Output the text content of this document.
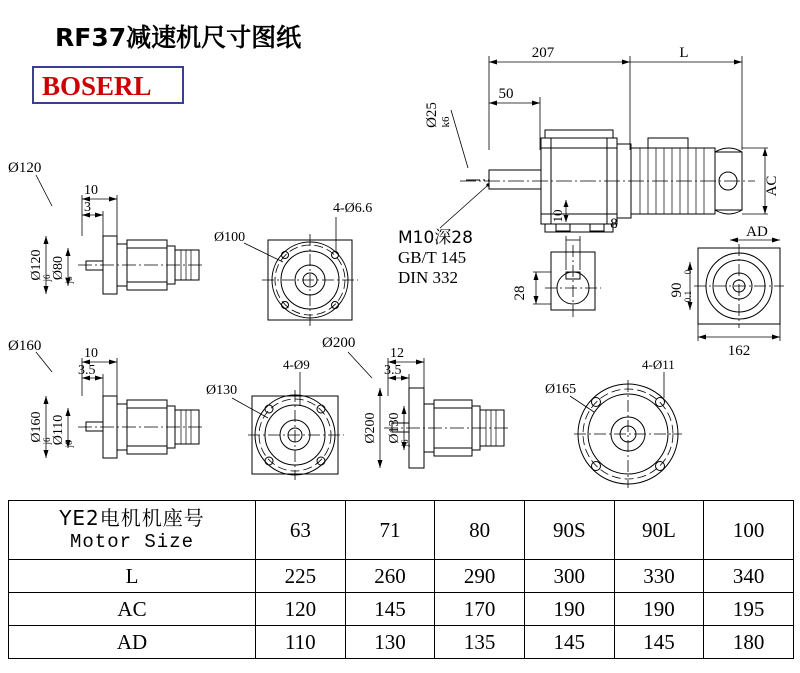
RF37减速机尺寸图纸
BOSERL
207	L
50
Ø25 k6
AC
10
M10深28
GB/T 145
DIN 332
8
28
AD
90
0
-0.1
162
Ø120
10
3
Ø120
j6 Ø80
j6
4-Ø6.6
Ø100
Ø160	10
3.5
Ø160
j6 Ø110
j6
4-Ø9
Ø130
Ø200
12
3.5
Ø200 Ø130
j6
4-Ø11
Ø165
YE2电机机座号
Motor Size	63	71	80	90S	90L	100
L	225	260	290	300	330	340
AC	120	145	170	190	190	195
AD	110	130	135	145	145	180
